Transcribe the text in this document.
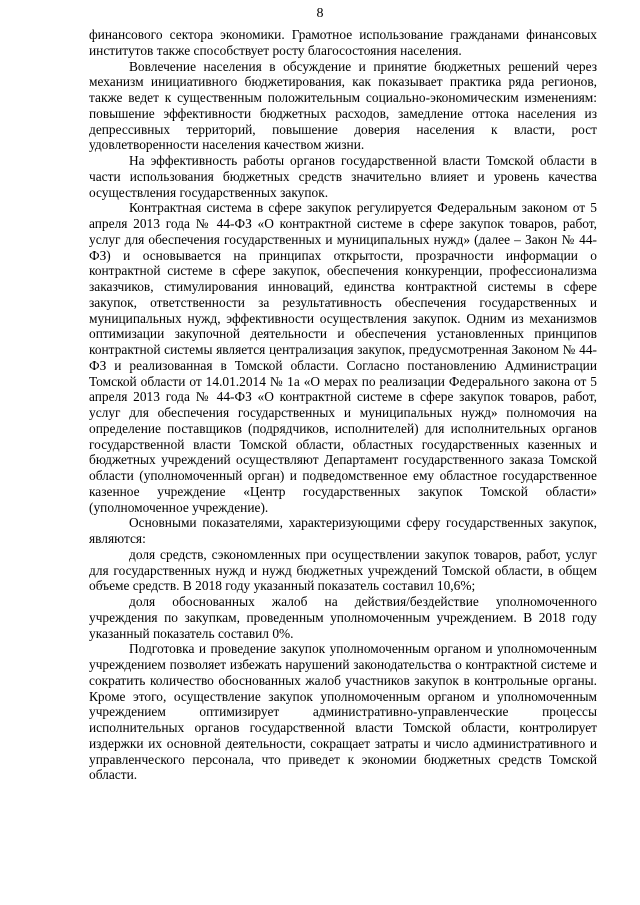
8

финансового сектора экономики. Грамотное использование гражданами финансовых институтов также способствует росту благосостояния населения.

Вовлечение населения в обсуждение и принятие бюджетных решений через механизм инициативного бюджетирования, как показывает практика ряда регионов, также ведет к существенным положительным социально-экономическим изменениям: повышение эффективности бюджетных расходов, замедление оттока населения из депрессивных территорий, повышение доверия населения к власти, рост удовлетворенности населения качеством жизни.

На эффективность работы органов государственной власти Томской области в части использования бюджетных средств значительно влияет и уровень качества осуществления государственных закупок.

Контрактная система в сфере закупок регулируется Федеральным законом от 5 апреля 2013 года № 44-ФЗ «О контрактной системе в сфере закупок товаров, работ, услуг для обеспечения государственных и муниципальных нужд» (далее – Закон № 44-ФЗ) и основывается на принципах открытости, прозрачности информации о контрактной системе в сфере закупок, обеспечения конкуренции, профессионализма заказчиков, стимулирования инноваций, единства контрактной системы в сфере закупок, ответственности за результативность обеспечения государственных и муниципальных нужд, эффективности осуществления закупок. Одним из механизмов оптимизации закупочной деятельности и обеспечения установленных принципов контрактной системы является централизация закупок, предусмотренная Законом № 44-ФЗ и реализованная в Томской области. Согласно постановлению Администрации Томской области от 14.01.2014 № 1а «О мерах по реализации Федерального закона от 5 апреля 2013 года № 44-ФЗ «О контрактной системе в сфере закупок товаров, работ, услуг для обеспечения государственных и муниципальных нужд» полномочия на определение поставщиков (подрядчиков, исполнителей) для исполнительных органов государственной власти Томской области, областных государственных казенных и бюджетных учреждений осуществляют Департамент государственного заказа Томской области (уполномоченный орган) и подведомственное ему областное государственное казенное учреждение «Центр государственных закупок Томской области» (уполномоченное учреждение).

Основными показателями, характеризующими сферу государственных закупок, являются:

доля средств, сэкономленных при осуществлении закупок товаров, работ, услуг для государственных нужд и нужд бюджетных учреждений Томской области, в общем объеме средств. В 2018 году указанный показатель составил 10,6%;

доля обоснованных жалоб на действия/бездействие уполномоченного учреждения по закупкам, проведенным уполномоченным учреждением. В 2018 году указанный показатель составил 0%.

Подготовка и проведение закупок уполномоченным органом и уполномоченным учреждением позволяет избежать нарушений законодательства о контрактной системе и сократить количество обоснованных жалоб участников закупок в контрольные органы. Кроме этого, осуществление закупок уполномоченным органом и уполномоченным учреждением оптимизирует административно-управленческие процессы исполнительных органов государственной власти Томской области, контролирует издержки их основной деятельности, сокращает затраты и число административного и управленческого персонала, что приведет к экономии бюджетных средств Томской области.
